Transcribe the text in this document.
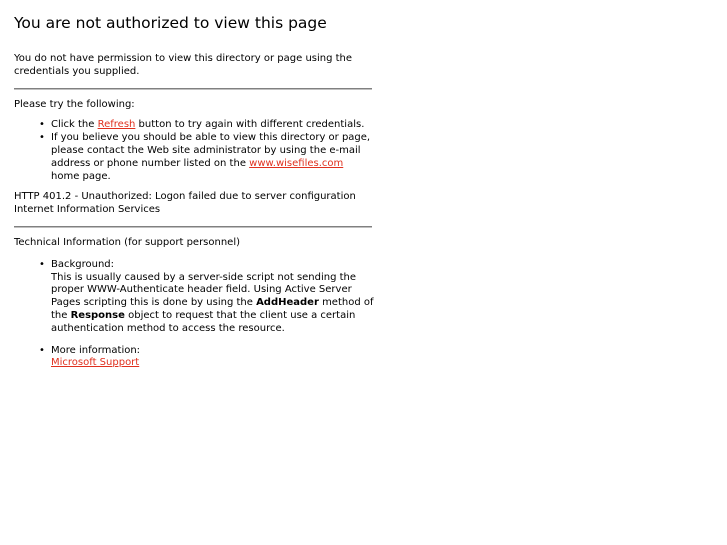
You are not authorized to view this page

You do not have permission to view this directory or page using the credentials you supplied.

Please try the following:

• Click the Refresh button to try again with different credentials.
• If you believe you should be able to view this directory or page, please contact the Web site administrator by using the e-mail address or phone number listed on the www.wisefiles.com home page.

HTTP 401.2 - Unauthorized: Logon failed due to server configuration

Internet Information Services

Technical Information (for support personnel)

• Background:
This is usually caused by a server-side script not sending the proper WWW-Authenticate header field. Using Active Server Pages scripting this is done by using the AddHeader method of the Response object to request that the client use a certain authentication method to access the resource.
• More information:
Microsoft Support
